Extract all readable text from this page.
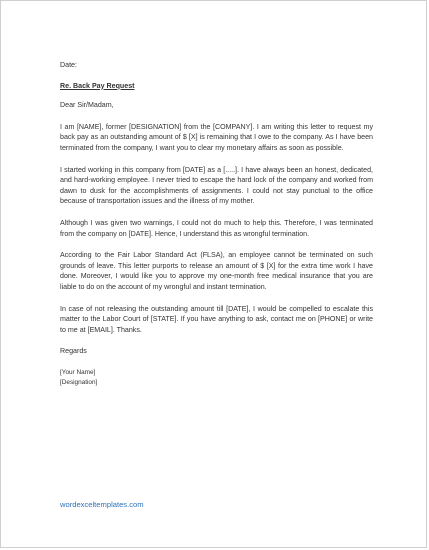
Date:

Re. Back Pay Request

Dear Sir/Madam,

I am [NAME], former [DESIGNATION] from the [COMPANY]. I am writing this letter to request my back pay as an outstanding amount of $ [X] is remaining that I owe to the company. As I have been terminated from the company, I want you to clear my monetary affairs as soon as possible.

I started working in this company from [DATE] as a [.....]. I have always been an honest, dedicated, and hard-working employee. I never tried to escape the hard lock of the company and worked from dawn to dusk for the accomplishments of assignments. I could not stay punctual to the office because of transportation issues and the illness of my mother.

Although I was given two warnings, I could not do much to help this. Therefore, I was terminated from the company on [DATE]. Hence, I understand this as wrongful termination.

According to the Fair Labor Standard Act (FLSA), an employee cannot be terminated on such grounds of leave. This letter purports to release an amount of $ [X] for the extra time work I have done. Moreover, I would like you to approve my one-month free medical insurance that you are liable to do on the account of my wrongful and instant termination.

In case of not releasing the outstanding amount till [DATE], I would be compelled to escalate this matter to the Labor Court of [STATE]. If you have anything to ask, contact me on [PHONE] or write to me at [EMAIL]. Thanks.

Regards

[Your Name]

[Designation]

wordexceltemplates.com
